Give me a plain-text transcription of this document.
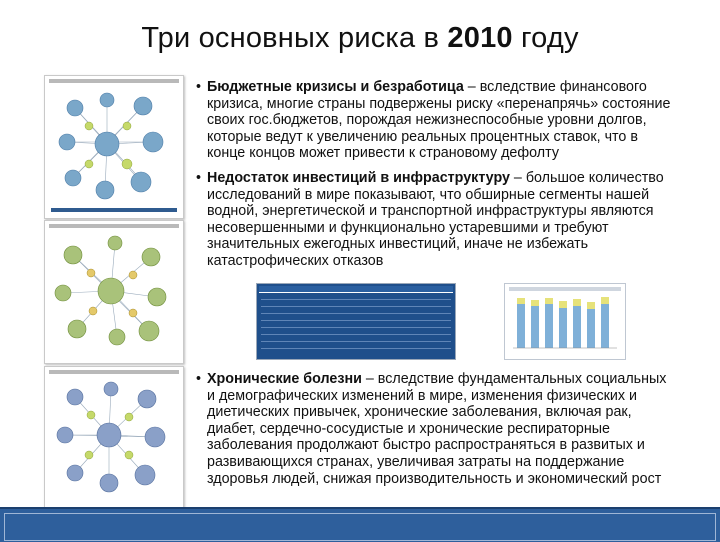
Три основных риска в 2010 году
• Бюджетные кризисы и безработица – вследствие финансового кризиса, многие страны подвержены риску «перенапрячь» состояние своих гос.бюджетов, порождая нежизнеспособные уровни долгов, которые ведут к увеличению реальных процентных ставок, что в конце концов может привести к страновому дефолту
• Недостаток инвестиций в инфраструктуру – большое количество исследований в мире показывают, что обширные сегменты нашей водной, энергетической и транспортной инфраструктуры являются несовершенными и функционально устаревшими и требуют значительных ежегодных инвестиций, иначе не избежать катастрофических отказов
• Хронические болезни – вследствие фундаментальных социальных и демографических изменений в мире, изменения физических и диетических привычек, хронические заболевания, включая рак, диабет, сердечно-сосудистые и хронические респираторные заболевания продолжают быстро распространяться в развитых и развивающихся странах, увеличивая затраты на поддержание здоровья людей, снижая производительность и экономический рост
